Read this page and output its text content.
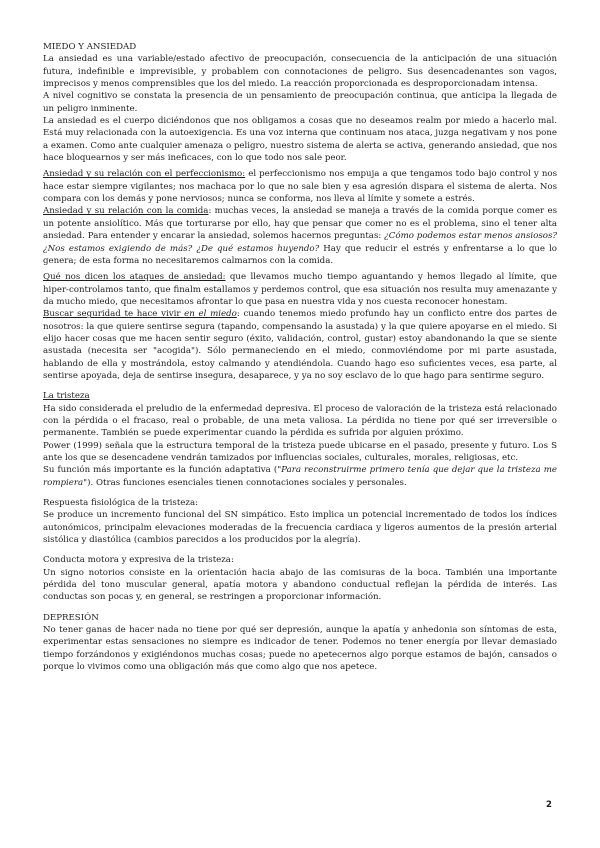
MIEDO Y ANSIEDAD

La ansiedad es una variable/estado afectivo de preocupación, consecuencia de la anticipación de una situación futura, indefinible e imprevisible, y probablem con connotaciones de peligro. Sus desencadenantes son vagos, imprecisos y menos comprensibles que los del miedo. La reacción proporcionada es desproporcionadam intensa.

A nivel cognitivo se constata la presencia de un pensamiento de preocupación continua, que anticipa la llegada de un peligro inminente.

La ansiedad es el cuerpo diciéndonos que nos obligamos a cosas que no deseamos realm por miedo a hacerlo mal. Está muy relacionada con la autoexigencia. Es una voz interna que continuam nos ataca, juzga negativam y nos pone a examen. Como ante cualquier amenaza o peligro, nuestro sistema de alerta se activa, generando ansiedad, que nos hace bloquearnos y ser más ineficaces, con lo que todo nos sale peor.

Ansiedad y su relación con el perfeccionismo: el perfeccionismo nos empuja a que tengamos todo bajo control y nos hace estar siempre vigilantes; nos machaca por lo que no sale bien y esa agresión dispara el sistema de alerta. Nos compara con los demás y pone nerviosos; nunca se conforma, nos lleva al límite y somete a estrés.

Ansiedad y su relación con la comida: muchas veces, la ansiedad se maneja a través de la comida porque comer es un potente ansiolítico. Más que torturarse por ello, hay que pensar que comer no es el problema, sino el tener alta ansiedad. Para entender y encarar la ansiedad, solemos hacernos preguntas: ¿Cómo podemos estar menos ansiosos? ¿Nos estamos exigiendo de más? ¿De qué estamos huyendo? Hay que reducir el estrés y enfrentarse a lo que lo genera; de esta forma no necesitaremos calmarnos con la comida.

Qué nos dicen los ataques de ansiedad: que llevamos mucho tiempo aguantando y hemos llegado al límite, que hiper-controlamos tanto, que finalm estallamos y perdemos control, que esa situación nos resulta muy amenazante y da mucho miedo, que necesitamos afrontar lo que pasa en nuestra vida y nos cuesta reconocer honestam.

Buscar seguridad te hace vivir en el miedo: cuando tenemos miedo profundo hay un conflicto entre dos partes de nosotros: la que quiere sentirse segura (tapando, compensando la asustada) y la que quiere apoyarse en el miedo. Si elijo hacer cosas que me hacen sentir seguro (éxito, validación, control, gustar) estoy abandonando la que se siente asustada (necesita ser "acogida"). Sólo permaneciendo en el miedo, conmoviéndome por mi parte asustada, hablando de ella y mostrándola, estoy calmando y atendiéndola. Cuando hago eso suficientes veces, esa parte, al sentirse apoyada, deja de sentirse insegura, desaparece, y ya no soy esclavo de lo que hago para sentirme seguro.

La tristeza

Ha sido considerada el preludio de la enfermedad depresiva. El proceso de valoración de la tristeza está relacionado con la pérdida o el fracaso, real o probable, de una meta valiosa. La pérdida no tiene por qué ser irreversible o permanente. También se puede experimentar cuando la pérdida es sufrida por alguien próximo.

Power (1999) señala que la estructura temporal de la tristeza puede ubicarse en el pasado, presente y futuro. Los S ante los que se desencadene vendrán tamizados por influencias sociales, culturales, morales, religiosas, etc.

Su función más importante es la función adaptativa ("Para reconstruirme primero tenía que dejar que la tristeza me rompiera"). Otras funciones esenciales tienen connotaciones sociales y personales.

Respuesta fisiológica de la tristeza:

Se produce un incremento funcional del SN simpático. Esto implica un potencial incrementado de todos los índices autonómicos, principalm elevaciones moderadas de la frecuencia cardiaca y ligeros aumentos de la presión arterial sistólica y diastólica (cambios parecidos a los producidos por la alegría).

Conducta motora y expresiva de la tristeza:

Un signo notorios consiste en la orientación hacia abajo de las comisuras de la boca. También una importante pérdida del tono muscular general, apatía motora y abandono conductual reflejan la pérdida de interés. Las conductas son pocas y, en general, se restringen a proporcionar información.

DEPRESIÓN

No tener ganas de hacer nada no tiene por qué ser depresión, aunque la apatía y anhedonia son síntomas de esta, experimentar estas sensaciones no siempre es indicador de tener. Podemos no tener energía por llevar demasiado tiempo forzándonos y exigiéndonos muchas cosas; puede no apetecernos algo porque estamos de bajón, cansados o porque lo vivimos como una obligación más que como algo que nos apetece.

2
